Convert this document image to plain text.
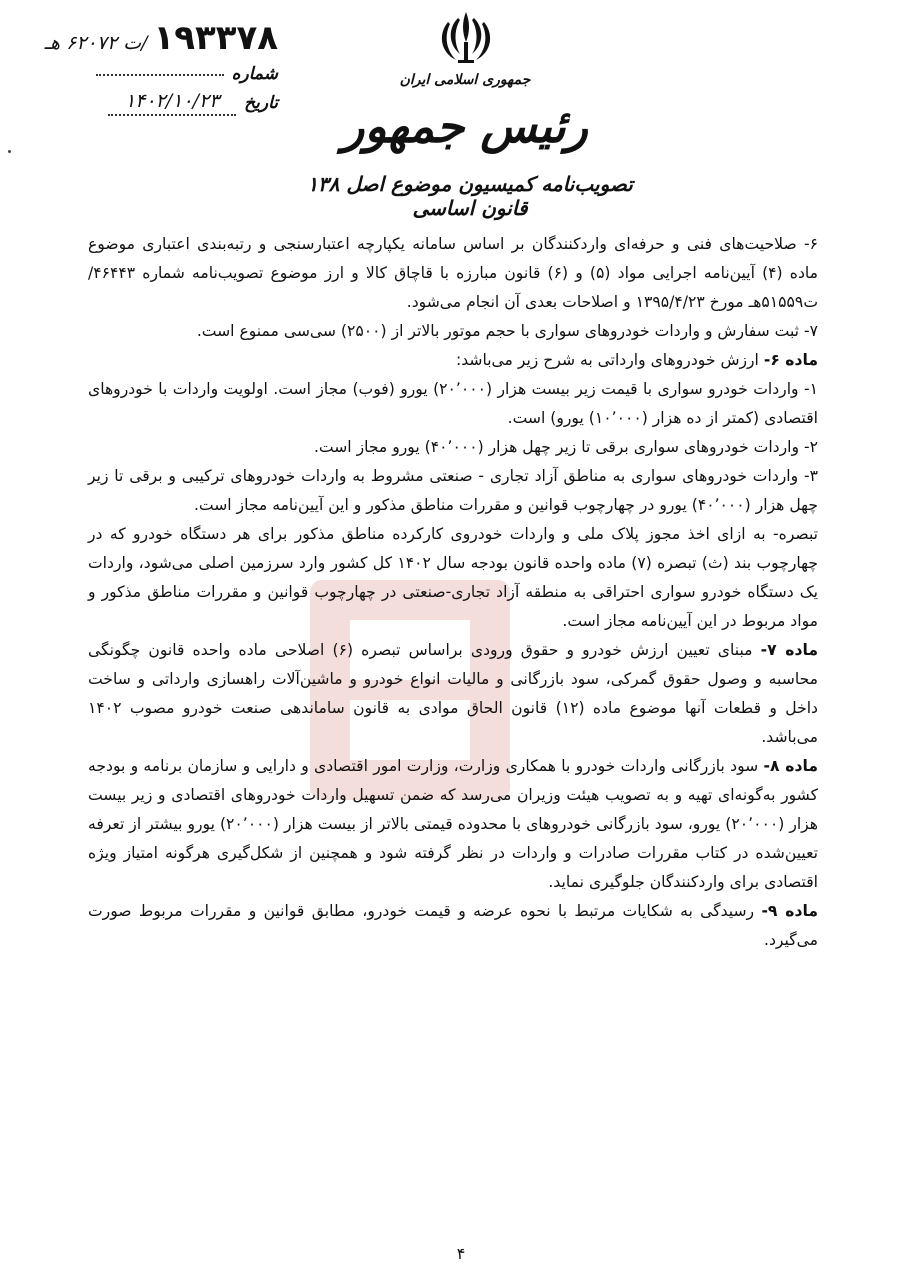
/ت ۶۲۰۷۲ هـ ۱۹۳۳۷۸
شماره
۱۴۰۲/۱۰/۲۳	تاریخ
جمهوری اسلامی ایران
رئیس جمهور
تصویب‌نامه کمیسیون موضوع اصل ۱۳۸ قانون اساسی

۶- صلاحیت‌های فنی و حرفه‌ای واردکنندگان بر اساس سامانه یکپارچه اعتبارسنجی و رتبه‌بندی اعتباری موضوع ماده (۴) آیین‌نامه اجرایی مواد (۵) و (۶) قانون مبارزه با قاچاق کالا و ارز موضوع تصویب‌نامه شماره ۴۶۴۴۳/ت۵۱۵۵۹هـ مورخ ۱۳۹۵/۴/۲۳ و اصلاحات بعدی آن انجام می‌شود.

۷- ثبت سفارش و واردات خودروهای سواری با حجم موتور بالاتر از (۲۵۰۰) سی‌سی ممنوع است.

ماده ۶- ارزش خودروهای وارداتی به شرح زیر می‌باشد:

۱- واردات خودرو سواری با قیمت زیر بیست هزار (۲۰٬۰۰۰) یورو (فوب) مجاز است. اولویت واردات با خودروهای اقتصادی (کمتر از ده هزار (۱۰٬۰۰۰) یورو) است.

۲- واردات خودروهای سواری برقی تا زیر چهل هزار (۴۰٬۰۰۰) یورو مجاز است.

۳- واردات خودروهای سواری به مناطق آزاد تجاری - صنعتی مشروط به واردات خودروهای ترکیبی و برقی تا زیر چهل هزار (۴۰٬۰۰۰) یورو در چهارچوب قوانین و مقررات مناطق مذکور و این آیین‌نامه مجاز است.

تبصره- به ازای اخذ مجوز پلاک ملی و واردات خودروی کارکرده مناطق مذکور برای هر دستگاه خودرو که در چهارچوب بند (ث) تبصره (۷) ماده واحده قانون بودجه سال ۱۴۰۲ کل کشور وارد سرزمین اصلی می‌شود، واردات یک دستگاه خودرو سواری احتراقی به منطقه آزاد تجاری-صنعتی در چهارچوب قوانین و مقررات مناطق مذکور و مواد مربوط در این آیین‌نامه مجاز است.

ماده ۷- مبنای تعیین ارزش خودرو و حقوق ورودی براساس تبصره (۶) اصلاحی ماده واحده قانون چگونگی محاسبه و وصول حقوق گمرکی، سود بازرگانی و مالیات انواع خودرو و ماشین‌آلات راهسازی وارداتی و ساخت داخل و قطعات آنها موضوع ماده (۱۲) قانون الحاق موادی به قانون ساماندهی صنعت خودرو مصوب ۱۴۰۲ می‌باشد.

ماده ۸- سود بازرگانی واردات خودرو با همکاری وزارت، وزارت امور اقتصادی و دارایی و سازمان برنامه و بودجه کشور به‌گونه‌ای تهیه و به تصویب هیئت وزیران می‌رسد که ضمن تسهیل واردات خودروهای اقتصادی و زیر بیست هزار (۲۰٬۰۰۰) یورو، سود بازرگانی خودروهای با محدوده قیمتی بالاتر از بیست هزار (۲۰٬۰۰۰) یورو بیشتر از تعرفه تعیین‌شده در کتاب مقررات صادرات و واردات در نظر گرفته شود و همچنین از شکل‌گیری هرگونه امتیاز ویژه اقتصادی برای واردکنندگان جلوگیری نماید.

ماده ۹- رسیدگی به شکایات مرتبط با نحوه عرضه و قیمت خودرو، مطابق قوانین و مقررات مربوط صورت می‌گیرد.

۴
